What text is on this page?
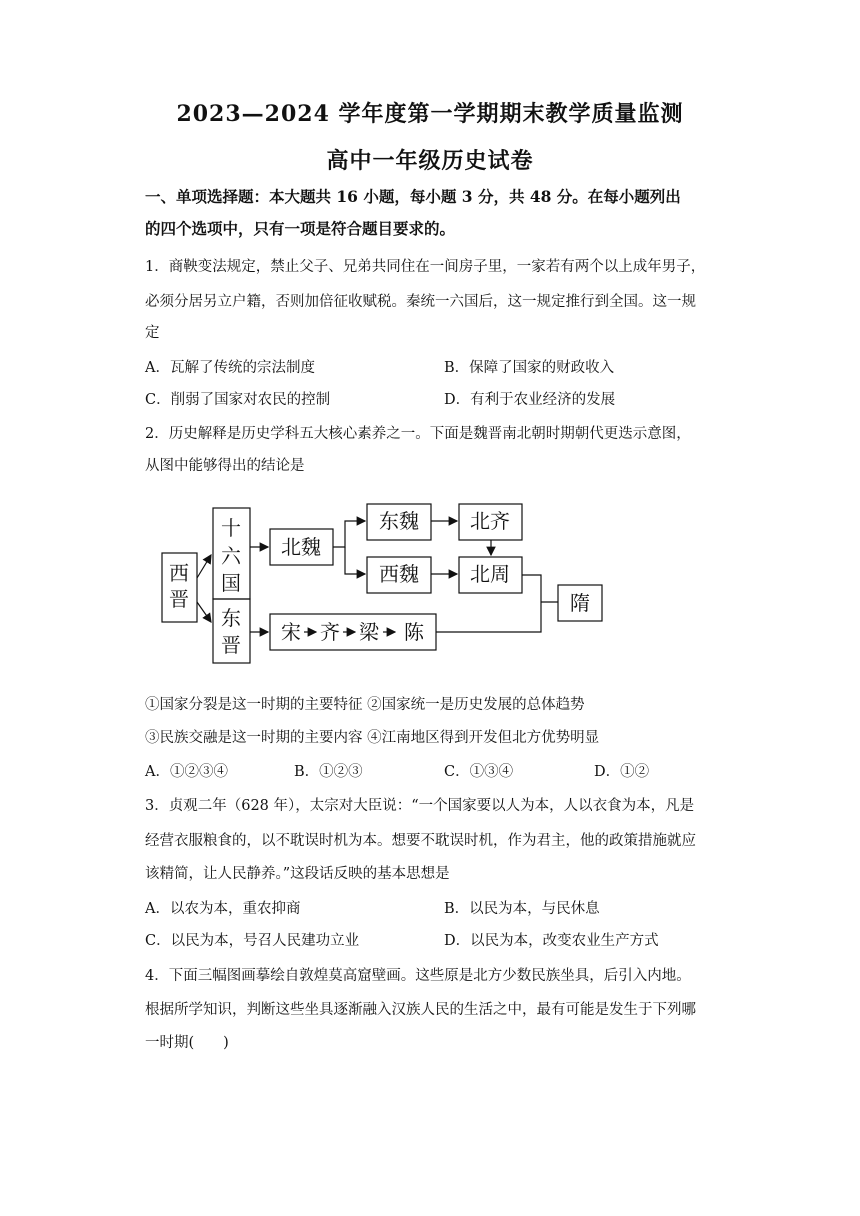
2023—2024 学年度第一学期期末教学质量监测
高中一年级历史试卷
一、单项选择题：本大题共 16 小题，每小题 3 分，共 48 分。在每小题列出
的四个选项中，只有一项是符合题目要求的。
1．商鞅变法规定，禁止父子、兄弟共同住在一间房子里，一家若有两个以上成年男子，
必须分居另立户籍，否则加倍征收赋税。秦统一六国后，这一规定推行到全国。这一规
定
A．瓦解了传统的宗法制度	B．保障了国家的财政收入
C．削弱了国家对农民的控制	D．有利于农业经济的发展
2．历史解释是历史学科五大核心素养之一。下面是魏晋南北朝时期朝代更迭示意图，
从图中能够得出的结论是
西
晋
十
六
国
东
晋
北魏
东魏
西魏
北齐
北周
隋
宋 齐 梁 陈
①国家分裂是这一时期的主要特征 ②国家统一是历史发展的总体趋势
③民族交融是这一时期的主要内容 ④江南地区得到开发但北方优势明显
A．①②③④	B．①②③	C．①③④	D．①②
3．贞观二年（628 年），太宗对大臣说：“一个国家要以人为本，人以衣食为本，凡是
经营衣服粮食的，以不耽误时机为本。想要不耽误时机，作为君主，他的政策措施就应
该精简，让人民静养。”这段话反映的基本思想是
A．以农为本，重农抑商	B．以民为本，与民休息
C．以民为本，号召人民建功立业	D．以民为本，改变农业生产方式
4．下面三幅图画摹绘自敦煌莫高窟壁画。这些原是北方少数民族坐具，后引入内地。
根据所学知识，判断这些坐具逐渐融入汉族人民的生活之中，最有可能是发生于下列哪
一时期(　　)
